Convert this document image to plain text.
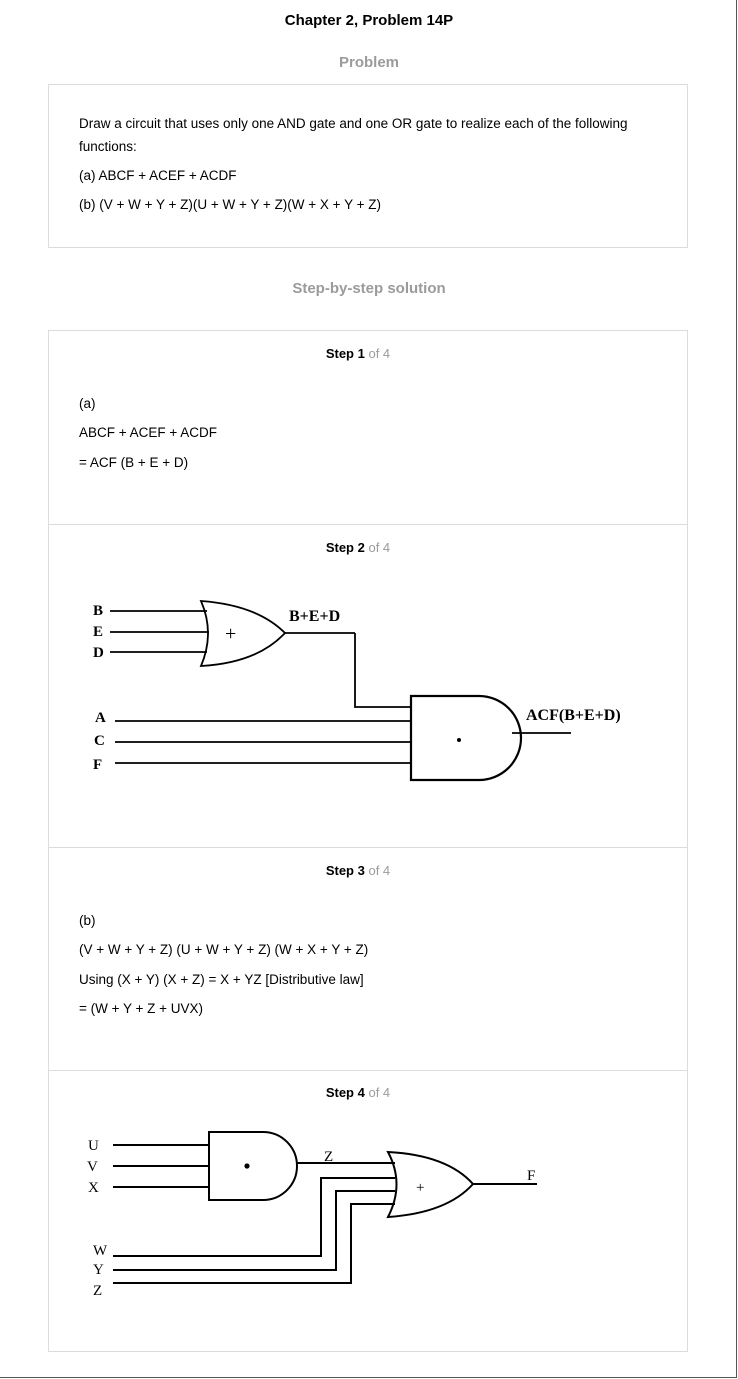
Chapter 2, Problem 14P
Problem

Draw a circuit that uses only one AND gate and one OR gate to realize each of the following

functions:

(a) ABCF + ACEF + ACDF

(b) (V + W + Y + Z)(U + W + Y + Z)(W + X + Y + Z)

Step-by-step solution
Step 1 of 4

(a)

ABCF + ACEF + ACDF

= ACF (B + E + D)

Step 2 of 4
B
E
D
+
B+E+D
A
C
F
ACF(B+E+D)
Step 3 of 4

(b)

(V + W + Y + Z) (U + W + Y + Z) (W + X + Y + Z)

Using (X + Y) (X + Z) = X + YZ [Distributive law]

= (W + Y + Z + UVX)

Step 4 of 4
U
V
X
Z
W
Y
Z
+
F
